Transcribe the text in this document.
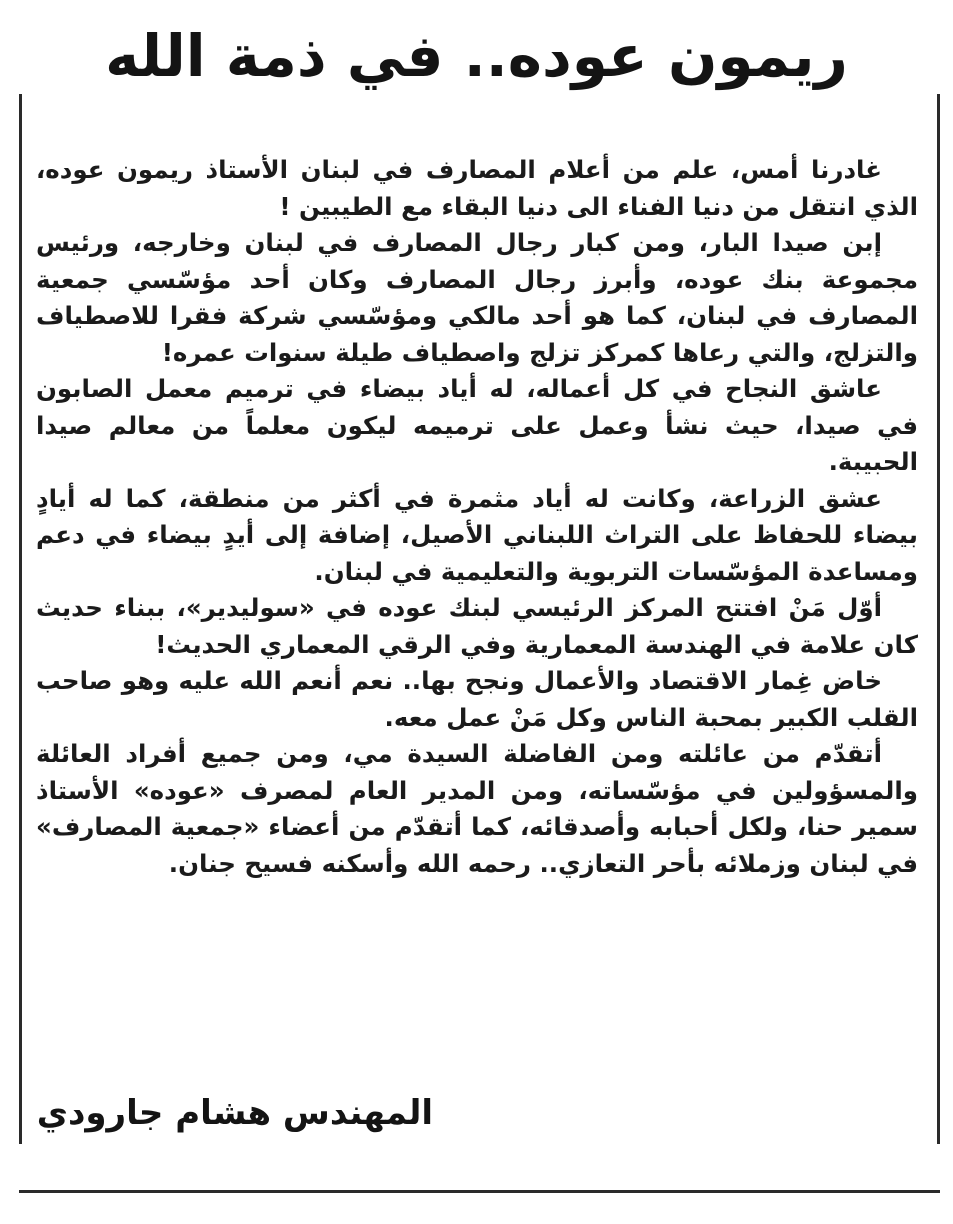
ريمون عوده.. في ذمة الله

غادرنا أمس، علم من أعلام المصارف في لبنان الأستاذ ريمون عوده، الذي انتقل من دنيا الفناء الى دنيا البقاء مع الطيبين !

إبن صيدا البار، ومن كبار رجال المصارف في لبنان وخارجه، ورئيس مجموعة بنك عوده، وأبرز رجال المصارف وكان أحد مؤسّسي جمعية المصارف في لبنان، كما هو أحد مالكي ومؤسّسي شركة فقرا للاصطياف والتزلج، والتي رعاها كمركز تزلج واصطياف طيلة سنوات عمره!

عاشق النجاح في كل أعماله، له أياد بيضاء في ترميم معمل الصابون في صيدا، حيث نشأ وعمل على ترميمه ليكون معلماً من معالم صيدا الحبيبة.

عشق الزراعة، وكانت له أياد مثمرة في أكثر من منطقة، كما له أيادٍ بيضاء للحفاظ على التراث اللبناني الأصيل، إضافة إلى أيدٍ بيضاء في دعم ومساعدة المؤسّسات التربوية والتعليمية في لبنان.

أوّل مَنْ افتتح المركز الرئيسي لبنك عوده في «سوليدير»، ببناء حديث كان علامة في الهندسة المعمارية وفي الرقي المعماري الحديث!

خاض غِمار الاقتصاد والأعمال ونجح بها.. نعم أنعم الله عليه وهو صاحب القلب الكبير بمحبة الناس وكل مَنْ عمل معه.

أتقدّم من عائلته ومن الفاضلة السيدة مي، ومن جميع أفراد العائلة والمسؤولين في مؤسّساته، ومن المدير العام لمصرف «عوده» الأستاذ سمير حنا، ولكل أحبابه وأصدقائه، كما أتقدّم من أعضاء «جمعية المصارف» في لبنان وزملائه بأحر التعازي.. رحمه الله وأسكنه فسيح جنان.

المهندس هشام جارودي
